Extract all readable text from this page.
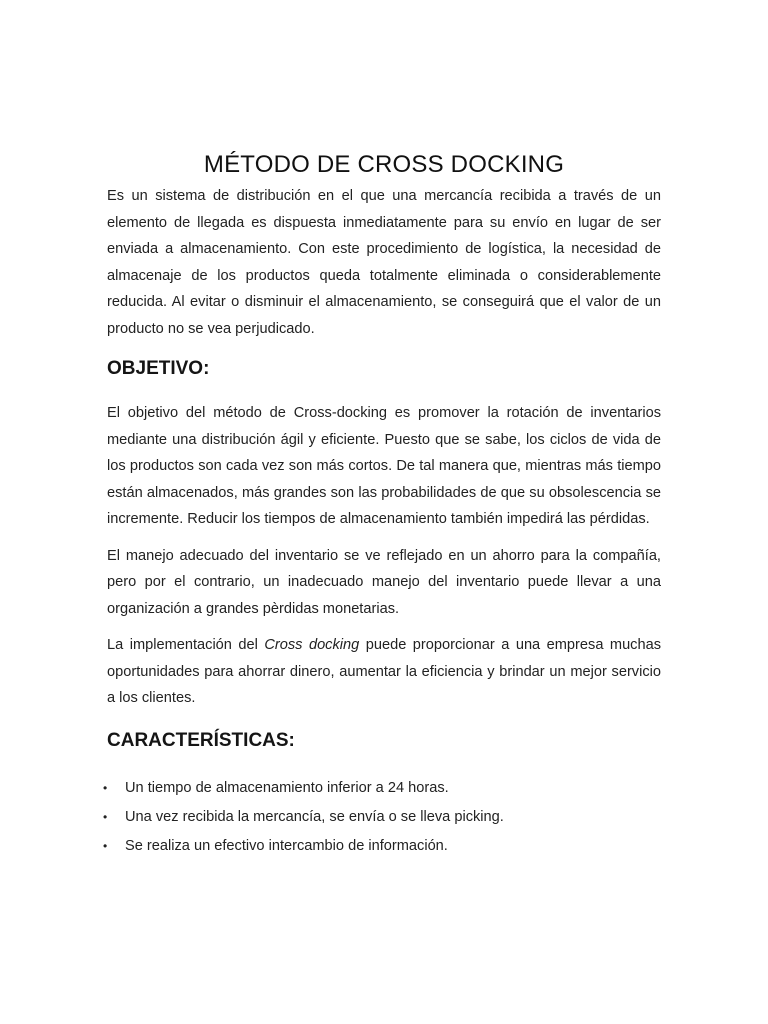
MÉTODO DE CROSS DOCKING

Es un sistema de distribución en el que una mercancía recibida a través de un elemento de llegada es dispuesta inmediatamente para su envío en lugar de ser enviada a almacenamiento. Con este procedimiento de logística, la necesidad de almacenaje de los productos queda totalmente eliminada o considerablemente reducida. Al evitar o disminuir el almacenamiento, se conseguirá que el valor de un producto no se vea perjudicado.

OBJETIVO:

El objetivo del método de Cross-docking es promover la rotación de inventarios mediante una distribución ágil y eficiente. Puesto que se sabe, los ciclos de vida de los productos son cada vez son más cortos. De tal manera que, mientras más tiempo están almacenados, más grandes son las probabilidades de que su obsolescencia se incremente. Reducir los tiempos de almacenamiento también impedirá las pérdidas.

El manejo adecuado del inventario se ve reflejado en un ahorro para la compañía, pero por el contrario, un inadecuado manejo del inventario puede llevar a una organización a grandes pèrdidas monetarias.

La implementación del Cross docking puede proporcionar a una empresa muchas oportunidades para ahorrar dinero, aumentar la eficiencia y brindar un mejor servicio a los clientes.

CARACTERÍSTICAS:
• Un tiempo de almacenamiento inferior a 24 horas.
• Una vez recibida la mercancía, se envía o se lleva picking.
• Se realiza un efectivo intercambio de información.
